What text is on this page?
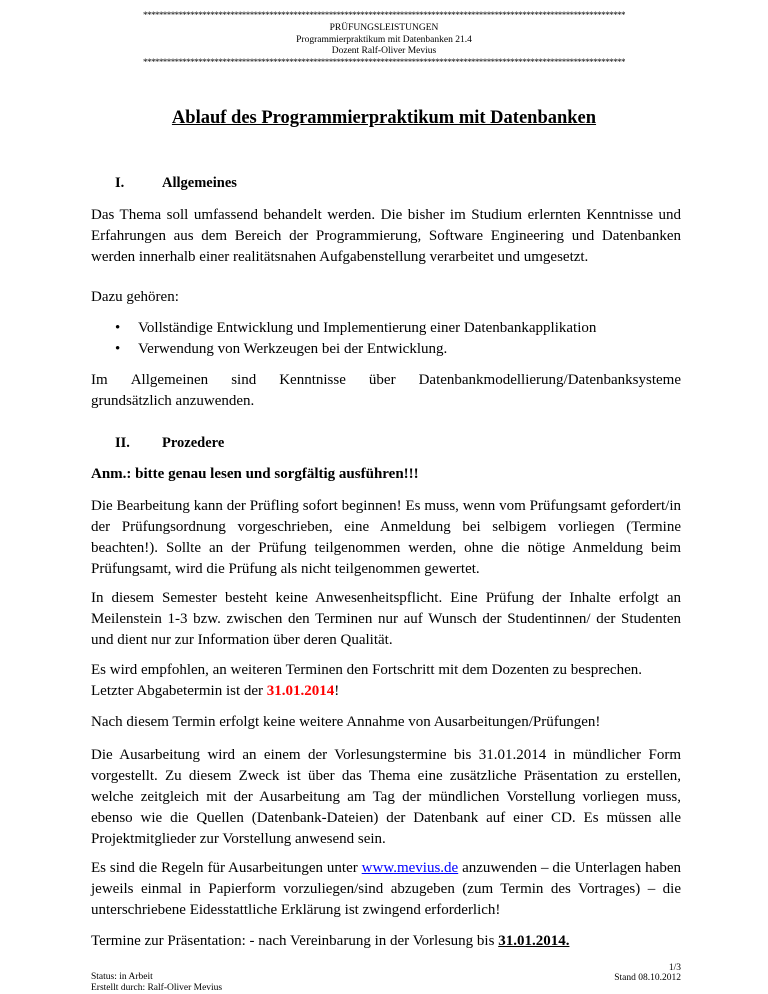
**************************************************************************************************************************
PRÜFUNGSLEISTUNGEN
Programmierpraktikum mit Datenbanken 21.4
Dozent Ralf-Oliver Mevius
**************************************************************************************************************************
Ablauf des Programmierpraktikum mit Datenbanken
I.	Allgemeines
Das Thema soll umfassend behandelt werden. Die bisher im Studium erlernten Kenntnisse und Erfahrungen aus dem Bereich der Programmierung, Software Engineering und Datenbanken werden innerhalb einer realitätsnahen Aufgabenstellung verarbeitet und umgesetzt.
Dazu gehören:
• Vollständige Entwicklung und Implementierung einer Datenbankapplikation
• Verwendung von Werkzeugen bei der Entwicklung.
Im Allgemeinen sind Kenntnisse über Datenbankmodellierung/Datenbanksysteme
grundsätzlich anzuwenden.
II. Prozedere
Anm.: bitte genau lesen und sorgfältig ausführen!!!
Die Bearbeitung kann der Prüfling sofort beginnen! Es muss, wenn vom Prüfungsamt gefordert/in der Prüfungsordnung vorgeschrieben, eine Anmeldung bei selbigem vorliegen (Termine beachten!). Sollte an der Prüfung teilgenommen werden, ohne die nötige Anmeldung beim Prüfungsamt, wird die Prüfung als nicht teilgenommen gewertet.
In diesem Semester besteht keine Anwesenheitspflicht. Eine Prüfung der Inhalte erfolgt an Meilenstein 1-3 bzw. zwischen den Terminen nur auf Wunsch der Studentinnen/ der Studenten und dient nur zur Information über deren Qualität.
Es wird empfohlen, an weiteren Terminen den Fortschritt mit dem Dozenten zu besprechen.
Letzter Abgabetermin ist der 31.01.2014!
Nach diesem Termin erfolgt keine weitere Annahme von Ausarbeitungen/Prüfungen!
Die Ausarbeitung wird an einem der Vorlesungstermine bis 31.01.2014 in mündlicher Form vorgestellt. Zu diesem Zweck ist über das Thema eine zusätzliche Präsentation zu erstellen, welche zeitgleich mit der Ausarbeitung am Tag der mündlichen Vorstellung vorliegen muss, ebenso wie die Quellen (Datenbank-Dateien) der Datenbank auf einer CD. Es müssen alle Projektmitglieder zur Vorstellung anwesend sein.
Es sind die Regeln für Ausarbeitungen unter www.mevius.de anzuwenden – die Unterlagen haben jeweils einmal in Papierform vorzuliegen/sind abzugeben (zum Termin des Vortrages) – die unterschriebene Eidesstattliche Erklärung ist zwingend erforderlich!
Termine zur Präsentation: - nach Vereinbarung in der Vorlesung bis 31.01.2014.
Status: in Arbeit
Erstellt durch: Ralf-Oliver Mevius
1/3
Stand 08.10.2012
